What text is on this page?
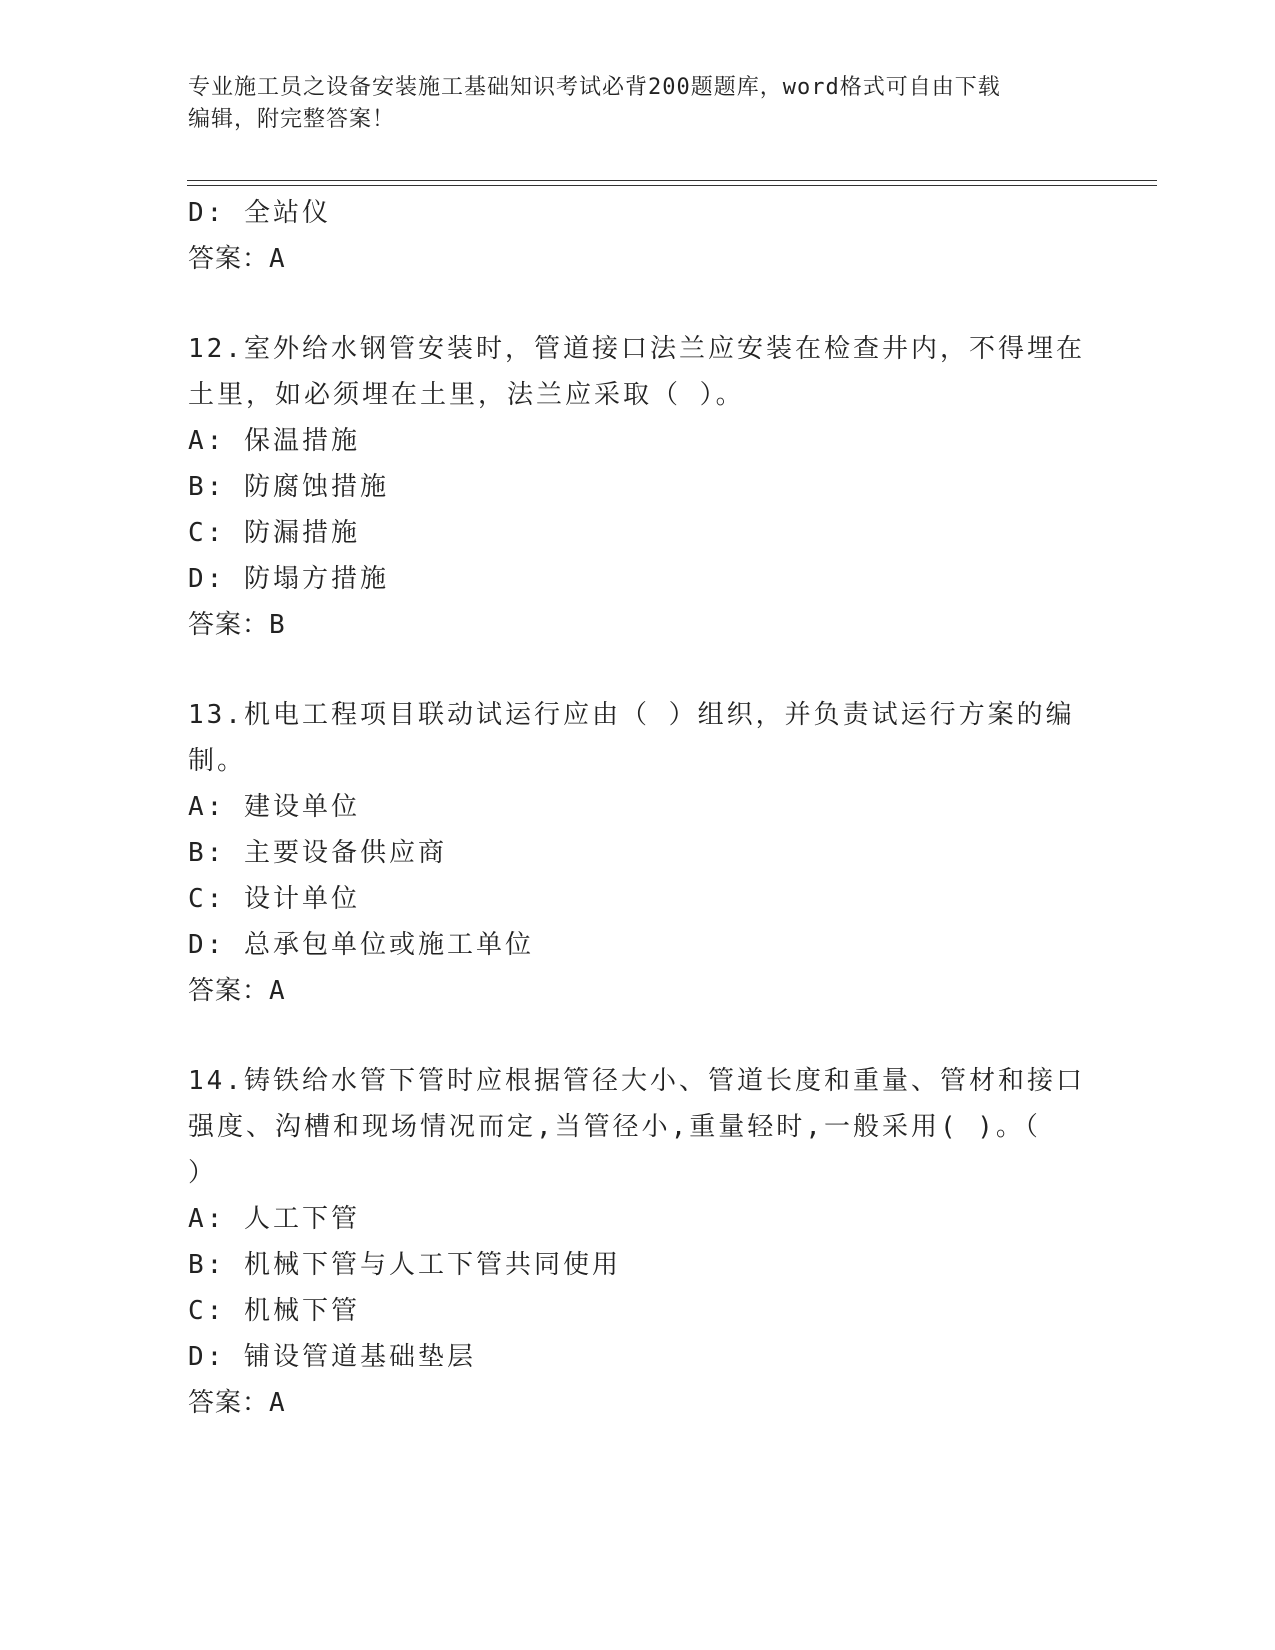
专业施工员之设备安装施工基础知识考试必背200题题库，word格式可自由下载
编辑，附完整答案！
D: 全站仪
答案：A
12.室外给水钢管安装时，管道接口法兰应安装在检查井内，不得埋在
土里，如必须埋在土里，法兰应采取（ ）。
A: 保温措施
B: 防腐蚀措施
C: 防漏措施
D: 防塌方措施
答案：B
13.机电工程项目联动试运行应由（ ）组织，并负责试运行方案的编
制。
A: 建设单位
B: 主要设备供应商
C: 设计单位
D: 总承包单位或施工单位
答案：A
14.铸铁给水管下管时应根据管径大小、管道长度和重量、管材和接口
强度、沟槽和现场情况而定,当管径小,重量轻时,一般采用( )。（
）
A: 人工下管
B: 机械下管与人工下管共同使用
C: 机械下管
D: 铺设管道基础垫层
答案：A
